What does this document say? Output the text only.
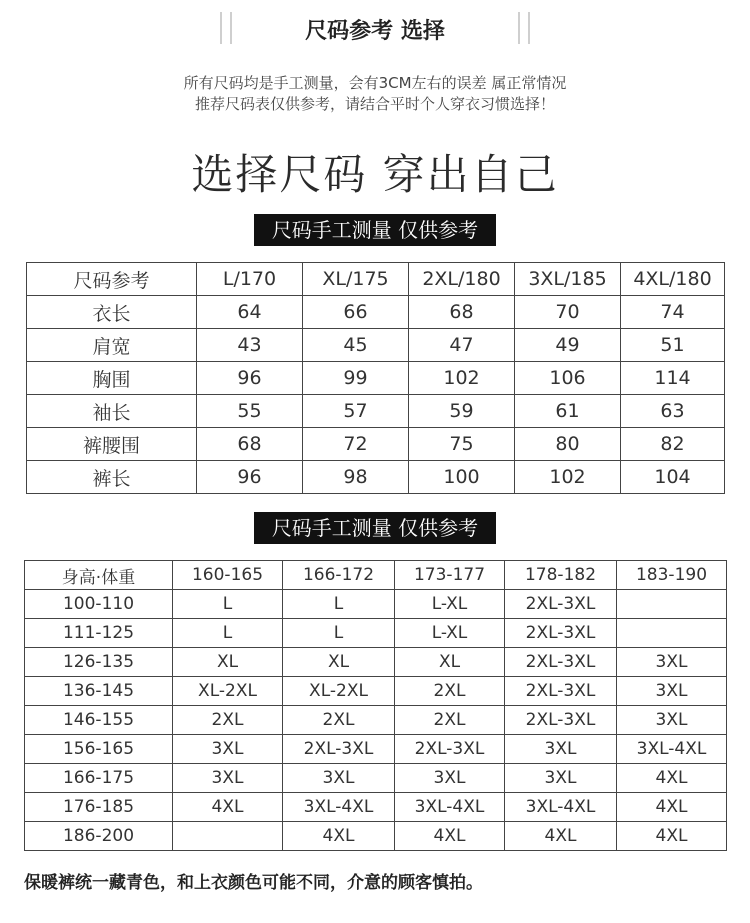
尺码参考 选择
所有尺码均是手工测量，会有3CM左右的误差 属正常情况
推荐尺码表仅供参考，请结合平时个人穿衣习惯选择！
选择尺码 穿出自己
尺码手工测量 仅供参考
尺码参考	L/170	XL/175	2XL/180	3XL/185	4XL/180
衣长	64	66	68	70	74
肩宽	43	45	47	49	51
胸围	96	99	102	106	114
袖长	55	57	59	61	63
裤腰围	68	72	75	80	82
裤长	96	98	100	102	104
尺码手工测量 仅供参考
身高·体重	160-165	166-172	173-177	178-182	183-190
100-110	L	L	L-XL	2XL-3XL	
111-125	L	L	L-XL	2XL-3XL	
126-135	XL	XL	XL	2XL-3XL	3XL
136-145	XL-2XL	XL-2XL	2XL	2XL-3XL	3XL
146-155	2XL	2XL	2XL	2XL-3XL	3XL
156-165	3XL	2XL-3XL	2XL-3XL	3XL	3XL-4XL
166-175	3XL	3XL	3XL	3XL	4XL
176-185	4XL	3XL-4XL	3XL-4XL	3XL-4XL	4XL
186-200		4XL	4XL	4XL	4XL
保暖裤统一藏青色，和上衣颜色可能不同，介意的顾客慎拍。
